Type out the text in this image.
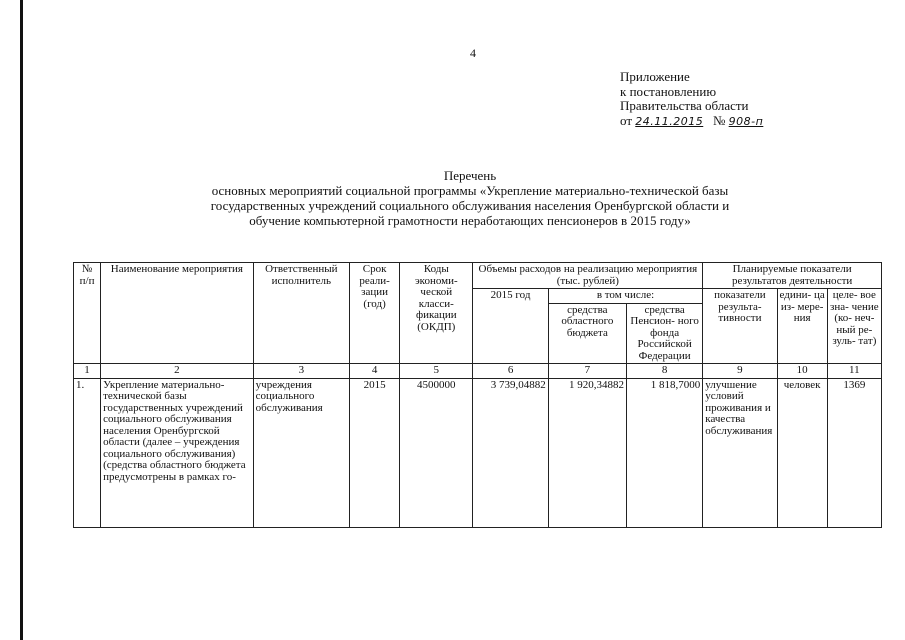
4
Приложение
к постановлению
Правительства области
от 24.11.2015 № 908-п
Перечень
основных мероприятий социальной программы «Укрепление материально-технической базы
государственных учреждений социального обслуживания населения Оренбургской области и
обучение компьютерной грамотности неработающих пенсионеров в 2015 году»
№ п/п	Наименование мероприятия	Ответственный исполнитель	Срок реали- зации (год)	Коды экономи- ческой класси- фикации (ОКДП)	Объемы расходов на реализацию мероприятия (тыс. рублей)			Планируемые показатели результатов деятельности		
					2015 год	в том числе:		показатели результа- тивности	едини- ца из- мере- ния	целе- вое зна- чение (ко- неч- ный ре- зуль- тат)
						средства областного бюджета	средства Пенсион- ного фонда Российской Федерации			
1	2	3	4	5	6	7	8	9	10	11
1.	Укрепление материально-технической базы государственных учреждений социального обслуживания населения Оренбургской области (далее – учреждения социального обслуживания) (средства областного бюджета предусмотрены в рамках го-	учреждения социального обслуживания	2015	4500000	3 739,04882	1 920,34882	1 818,7000	улучшение условий проживания и качества обслуживания	человек	1369
